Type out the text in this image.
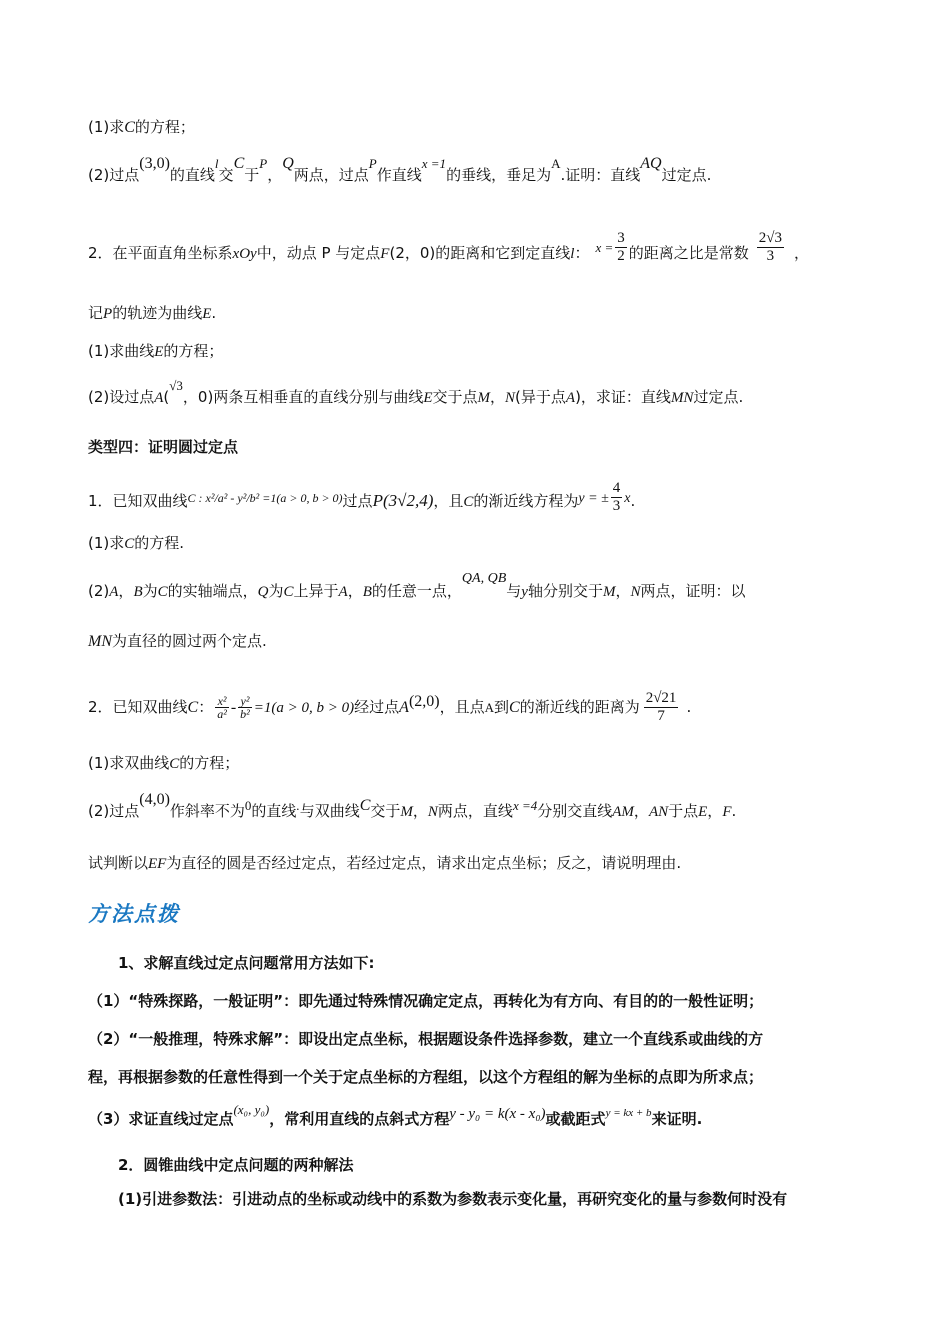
(1)求C的方程；
(2)过点(3,0)的直线l交C于P，Q两点，过点P作直线x =1的垂线，垂足为A.证明：直线AQ过定点.
2．在平面直角坐标系xOy中，动点 P 与定点F(2，0)的距离和它到定直线l： $x = \frac{3}{2}$ 的距离之比是常数 $\frac{2√3}{3}$ ，
记P的轨迹为曲线E.
(1)求曲线E的方程；
(2)设过点A(√3，0)两条互相垂直的直线分别与曲线E交于点M，N(异于点A)，求证：直线MN过定点.
类型四：证明圆过定点
1．已知双曲线$^{C : x^2/a^2 - y^2/b^2 =1(a > 0, b > 0)}$过点P(3√2,4)，且C的渐近线方程为y = ± $\frac{4}{3} x$.
(1)求C的方程.
(2)A，B为C的实轴端点，Q为C上异于A，B的任意一点，QA, QB与y轴分别交于M，N两点，证明：以
MN为直径的圆过两个定点.
2．已知双曲线C： $\frac{\text{x²}}{\text{a²}} - \frac{\text{y²}}{\text{b²}} =1(a > 0$, b > 0)经过点A(2,0)，且点A到C的渐近线的距离为 $\frac{2√21}{7}$ .
(1)求双曲线C的方程；
(2)过点(4,0)作斜率不为0的直线.与双曲线C交于M，N两点，直线x =4分别交直线AM，AN于点E，F.
试判断以EF为直径的圆是否经过定点，若经过定点，请求出定点坐标；反之，请说明理由.
方法点拨
1、求解直线过定点问题常用方法如下:
（1）“特殊探路，一般证明”：即先通过特殊情况确定定点，再转化为有方向、有目的的一般性证明；
（2）“一般推理，特殊求解”：即设出定点坐标，根据题设条件选择参数，建立一个直线系或曲线的方
程，再根据参数的任意性得到一个关于定点坐标的方程组，以这个方程组的解为坐标的点即为所求点；
（3）求证直线过定点(x₀, y₀)，常利用直线的点斜式方程y - y₀ = k(x - x₀)或截距式$^{y = kx + b}$来证明.
2．圆锥曲线中定点问题的两种解法
(1)引进参数法：引进动点的坐标或动线中的系数为参数表示变化量，再研究变化的量与参数何时没有
